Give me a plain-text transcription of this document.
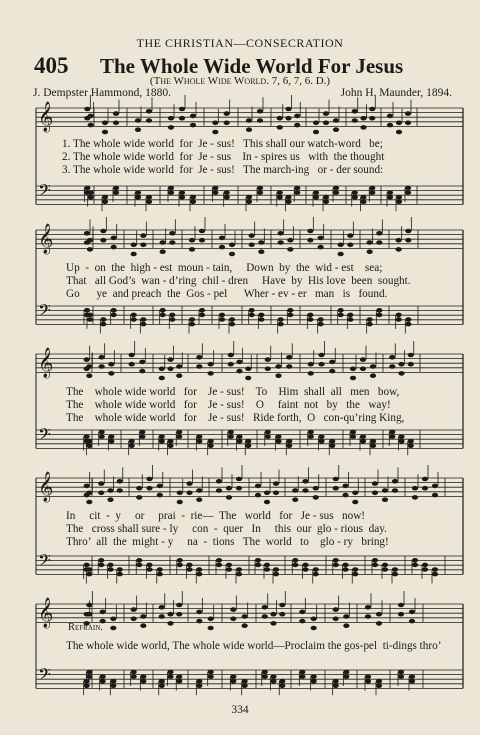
THE CHRISTIAN—CONSECRATION
405 The Whole Wide World For Jesus
(The Whole Wide World. 7, 6, 7, 6. D.)
J. Dempster Hammond, 1880.	John H. Maunder, 1894.
𝄞
𝄢
𝄞
𝄢
𝄞
𝄢
𝄞
𝄢
𝄞
𝄢
1. The whole wide world  for  Je - sus!   This shall our watch-word   be;
2. The whole wide world  for  Je - sus    In - spires us   with  the thought
3. The whole wide world  for  Je - sus!   The march-ing   or - der sound:
Up  -  on  the  high - est  moun - tain,     Down  by  the  wid - est    sea;
That   all God’s  wan - d’ring  chil - dren     Have  by  His love  been  sought.
Go      ye  and preach  the  Gos - pel      Wher - ev - er   man   is   found.
The    whole wide world   for    Je - sus!    To    Him  shall  all   men   bow,
The    whole wide world   for    Je - sus!    O     faint  not   by   the   way!
The    whole wide world   for    Je - sus!   Ride forth,  O   con-qu’ring King,
In     cit  -  y     or     prai  -  rie—  The   world   for   Je - sus   now!
The   cross shall sure - ly     con  -  quer   In     this  our  glo - rious  day.
Thro’  all  the  might - y     na  -  tions   The  world   to    glo - ry   bring!
Refrain.
The whole wide world, The whole wide world—Proclaim the gos-pel  ti-dings thro’
334
